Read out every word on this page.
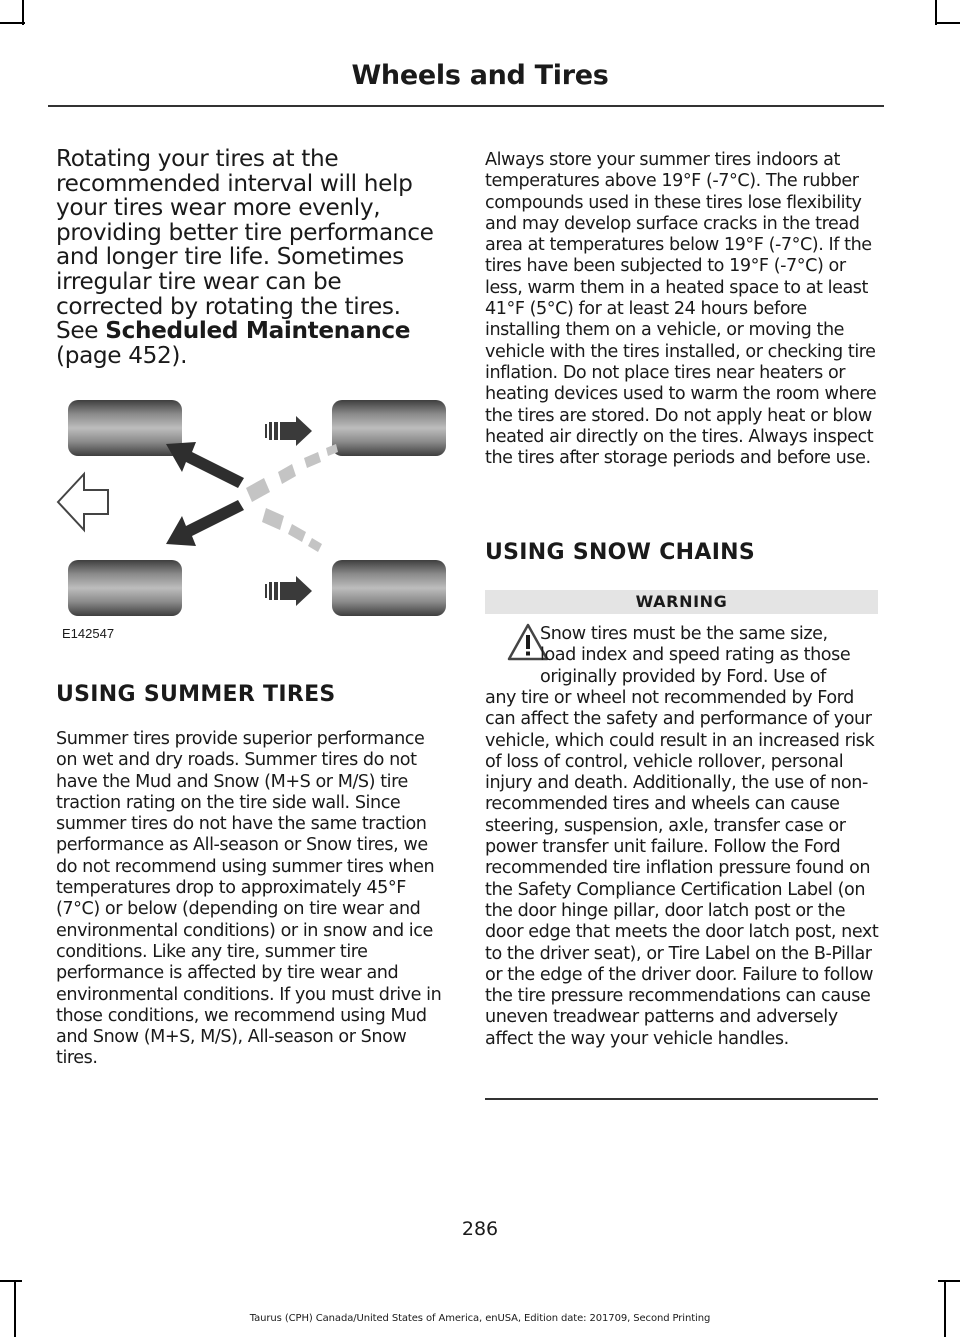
Wheels and Tires

Rotating your tires at the recommended interval will help your tires wear more evenly, providing better tire performance and longer tire life. Sometimes irregular tire wear can be corrected by rotating the tires. See Scheduled Maintenance (page 452).

E142547
USING SUMMER TIRES

Summer tires provide superior performance on wet and dry roads. Summer tires do not have the Mud and Snow (M+S or M/S) tire traction rating on the tire side wall. Since summer tires do not have the same traction performance as All-season or Snow tires, we do not recommend using summer tires when temperatures drop to approximately 45°F (7°C) or below (depending on tire wear and environmental conditions) or in snow and ice conditions. Like any tire, summer tire performance is affected by tire wear and environmental conditions. If you must drive in those conditions, we recommend using Mud and Snow (M+S, M/S), All-season or Snow tires.

Always store your summer tires indoors at temperatures above 19°F (-7°C). The rubber compounds used in these tires lose flexibility and may develop surface cracks in the tread area at temperatures below 19°F (-7°C). If the tires have been subjected to 19°F (-7°C) or less, warm them in a heated space to at least 41°F (5°C) for at least 24 hours before installing them on a vehicle, or moving the vehicle with the tires installed, or checking tire inflation. Do not place tires near heaters or heating devices used to warm the room where the tires are stored. Do not apply heat or blow heated air directly on the tires. Always inspect the tires after storage periods and before use.

USING SNOW CHAINS
WARNING
Snow tires must be the same size,
load index and speed rating as those
originally provided by Ford. Use of

any tire or wheel not recommended by Ford can affect the safety and performance of your vehicle, which could result in an increased risk of loss of control, vehicle rollover, personal injury and death. Additionally, the use of non-recommended tires and wheels can cause steering, suspension, axle, transfer case or power transfer unit failure. Follow the Ford recommended tire inflation pressure found on the Safety Compliance Certification Label (on the door hinge pillar, door latch post or the door edge that meets the door latch post, next to the driver seat), or Tire Label on the B-Pillar or the edge of the driver door. Failure to follow the tire pressure recommendations can cause uneven treadwear patterns and adversely affect the way your vehicle handles.

286
Taurus (CPH) Canada/United States of America, enUSA, Edition date: 201709, Second Printing
